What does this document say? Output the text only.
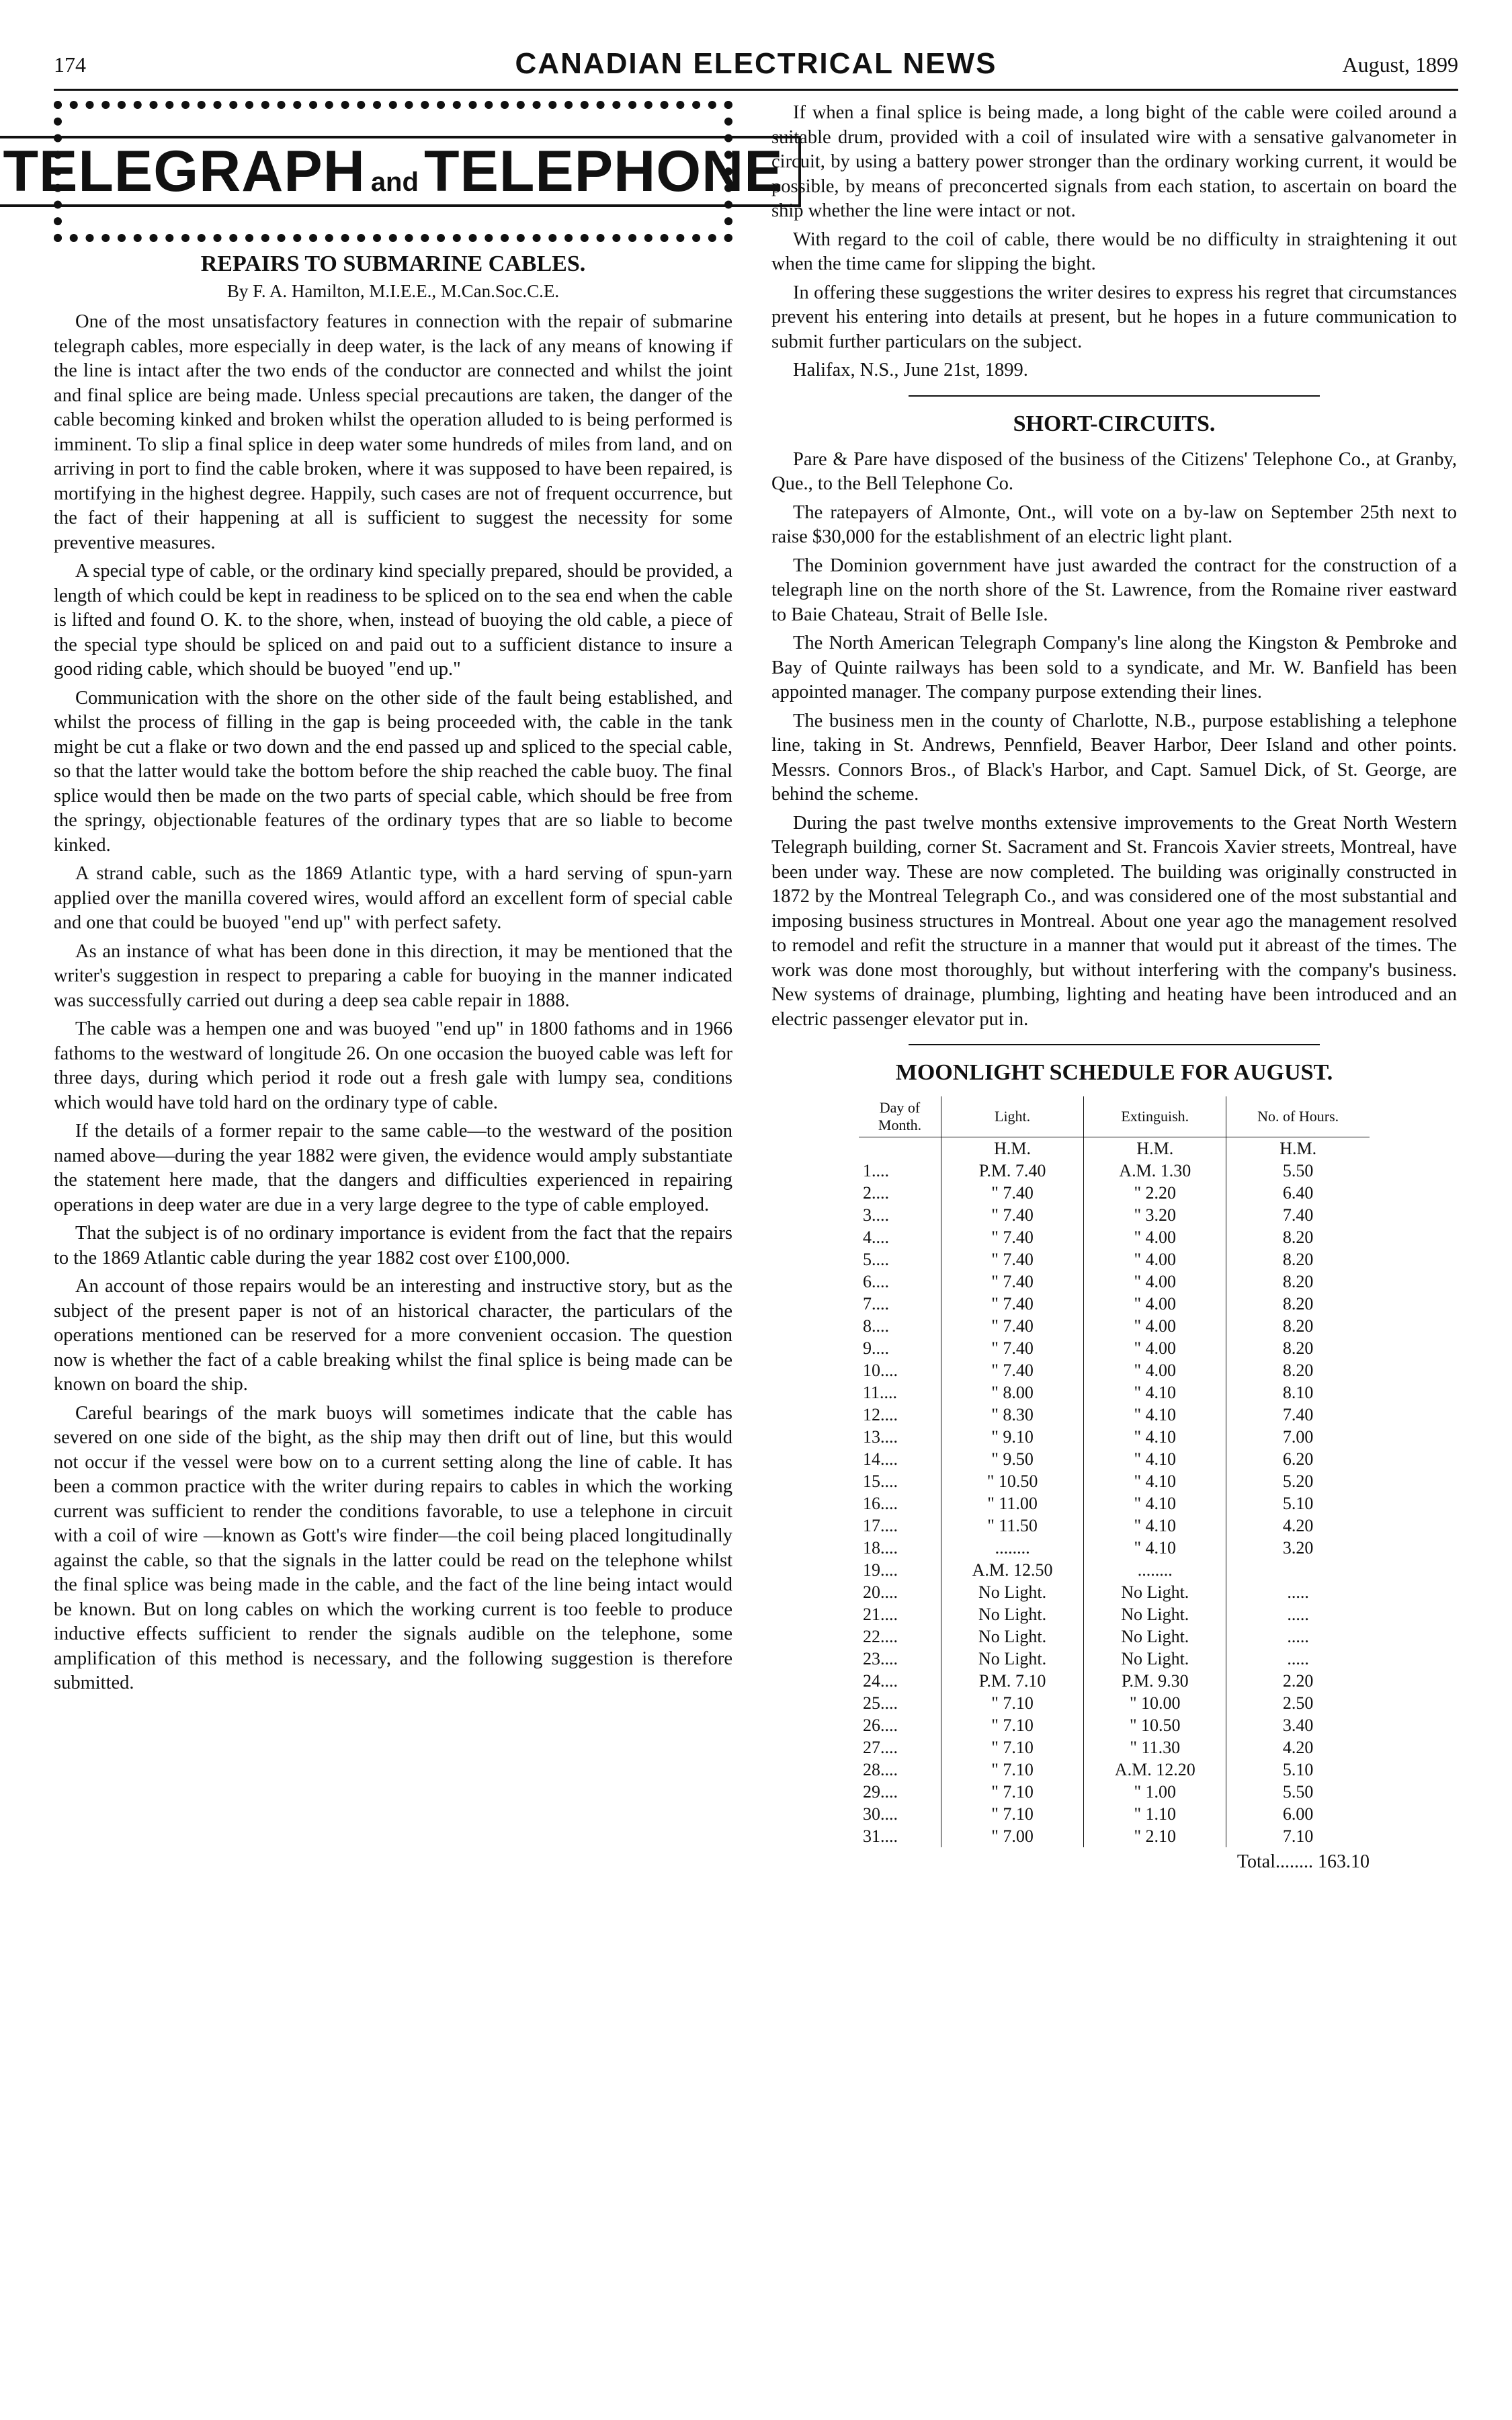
174	CANADIAN ELECTRICAL NEWS	August, 1899
TELEGRAPH and TELEPHONE
REPAIRS TO SUBMARINE CABLES.
By F. A. Hamilton, M.I.E.E., M.Can.Soc.C.E.

One of the most unsatisfactory features in connection with the repair of submarine telegraph cables, more especially in deep water, is the lack of any means of knowing if the line is intact after the two ends of the conductor are connected and whilst the joint and final splice are being made. Unless special precautions are taken, the danger of the cable becoming kinked and broken whilst the operation alluded to is being performed is imminent. To slip a final splice in deep water some hundreds of miles from land, and on arriving in port to find the cable broken, where it was supposed to have been repaired, is mortifying in the highest degree. Happily, such cases are not of frequent occurrence, but the fact of their happening at all is sufficient to suggest the necessity for some preventive measures.

A special type of cable, or the ordinary kind specially prepared, should be provided, a length of which could be kept in readiness to be spliced on to the sea end when the cable is lifted and found O. K. to the shore, when, instead of buoying the old cable, a piece of the special type should be spliced on and paid out to a sufficient distance to insure a good riding cable, which should be buoyed "end up."

Communication with the shore on the other side of the fault being established, and whilst the process of filling in the gap is being proceeded with, the cable in the tank might be cut a flake or two down and the end passed up and spliced to the special cable, so that the latter would take the bottom before the ship reached the cable buoy. The final splice would then be made on the two parts of special cable, which should be free from the springy, objectionable features of the ordinary types that are so liable to become kinked.

A strand cable, such as the 1869 Atlantic type, with a hard serving of spun-yarn applied over the manilla covered wires, would afford an excellent form of special cable and one that could be buoyed "end up" with perfect safety.

As an instance of what has been done in this direction, it may be mentioned that the writer's suggestion in respect to preparing a cable for buoying in the manner indicated was successfully carried out during a deep sea cable repair in 1888.

The cable was a hempen one and was buoyed "end up" in 1800 fathoms and in 1966 fathoms to the westward of longitude 26. On one occasion the buoyed cable was left for three days, during which period it rode out a fresh gale with lumpy sea, conditions which would have told hard on the ordinary type of cable.

If the details of a former repair to the same cable—to the westward of the position named above—during the year 1882 were given, the evidence would amply substantiate the statement here made, that the dangers and difficulties experienced in repairing operations in deep water are due in a very large degree to the type of cable employed.

That the subject is of no ordinary importance is evident from the fact that the repairs to the 1869 Atlantic cable during the year 1882 cost over £100,000.

An account of those repairs would be an interesting and instructive story, but as the subject of the present paper is not of an historical character, the particulars of the operations mentioned can be reserved for a more convenient occasion. The question now is whether the fact of a cable breaking whilst the final splice is being made can be known on board the ship.

Careful bearings of the mark buoys will sometimes indicate that the cable has severed on one side of the bight, as the ship may then drift out of line, but this would not occur if the vessel were bow on to a current setting along the line of cable. It has been a common practice with the writer during repairs to cables in which the working current was sufficient to render the conditions favorable, to use a telephone in circuit with a coil of wire —known as Gott's wire finder—the coil being placed longitudinally against the cable, so that the signals in the latter could be read on the telephone whilst the final splice was being made in the cable, and the fact of the line being intact would be known. But on long cables on which the working current is too feeble to produce inductive effects sufficient to render the signals audible on the telephone, some amplification of this method is necessary, and the following suggestion is therefore submitted.

If when a final splice is being made, a long bight of the cable were coiled around a suitable drum, provided with a coil of insulated wire with a sensative galvanometer in circuit, by using a battery power stronger than the ordinary working current, it would be possible, by means of preconcerted signals from each station, to ascertain on board the ship whether the line were intact or not.

With regard to the coil of cable, there would be no difficulty in straightening it out when the time came for slipping the bight.

In offering these suggestions the writer desires to express his regret that circumstances prevent his entering into details at present, but he hopes in a future communication to submit further particulars on the subject.

Halifax, N.S., June 21st, 1899.
SHORT-CIRCUITS.

Pare & Pare have disposed of the business of the Citizens' Telephone Co., at Granby, Que., to the Bell Telephone Co.

The ratepayers of Almonte, Ont., will vote on a by-law on September 25th next to raise $30,000 for the establishment of an electric light plant.

The Dominion government have just awarded the contract for the construction of a telegraph line on the north shore of the St. Lawrence, from the Romaine river eastward to Baie Chateau, Strait of Belle Isle.

The North American Telegraph Company's line along the Kingston & Pembroke and Bay of Quinte railways has been sold to a syndicate, and Mr. W. Banfield has been appointed manager. The company purpose extending their lines.

The business men in the county of Charlotte, N.B., purpose establishing a telephone line, taking in St. Andrews, Pennfield, Beaver Harbor, Deer Island and other points. Messrs. Connors Bros., of Black's Harbor, and Capt. Samuel Dick, of St. George, are behind the scheme.

During the past twelve months extensive improvements to the Great North Western Telegraph building, corner St. Sacrament and St. Francois Xavier streets, Montreal, have been under way. These are now completed. The building was originally constructed in 1872 by the Montreal Telegraph Co., and was considered one of the most substantial and imposing business structures in Montreal. About one year ago the management resolved to remodel and refit the structure in a manner that would put it abreast of the times. The work was done most thoroughly, but without interfering with the company's business. New systems of drainage, plumbing, lighting and heating have been introduced and an electric passenger elevator put in.

MOONLIGHT SCHEDULE FOR AUGUST.
Day of Month.	Light.	Extinguish.	No. of Hours.
	H.M.	H.M.	H.M.
1....	P.M. 7.40	A.M. 1.30	5.50
2....	" 7.40	" 2.20	6.40
3....	" 7.40	" 3.20	7.40
4....	" 7.40	" 4.00	8.20
5....	" 7.40	" 4.00	8.20
6....	" 7.40	" 4.00	8.20
7....	" 7.40	" 4.00	8.20
8....	" 7.40	" 4.00	8.20
9....	" 7.40	" 4.00	8.20
10....	" 7.40	" 4.00	8.20
11....	" 8.00	" 4.10	8.10
12....	" 8.30	" 4.10	7.40
13....	" 9.10	" 4.10	7.00
14....	" 9.50	" 4.10	6.20
15....	" 10.50	" 4.10	5.20
16....	" 11.00	" 4.10	5.10
17....	" 11.50	" 4.10	4.20
18....	........	" 4.10	3.20
19....	A.M. 12.50	........	
20....	No Light.	No Light.	.....
21....	No Light.	No Light.	.....
22....	No Light.	No Light.	.....
23....	No Light.	No Light.	.....
24....	P.M. 7.10	P.M. 9.30	2.20
25....	" 7.10	" 10.00	2.50
26....	" 7.10	" 10.50	3.40
27....	" 7.10	" 11.30	4.20
28....	" 7.10	A.M. 12.20	5.10
29....	" 7.10	" 1.00	5.50
30....	" 7.10	" 1.10	6.00
31....	" 7.00	" 2.10	7.10
Total........ 163.10
